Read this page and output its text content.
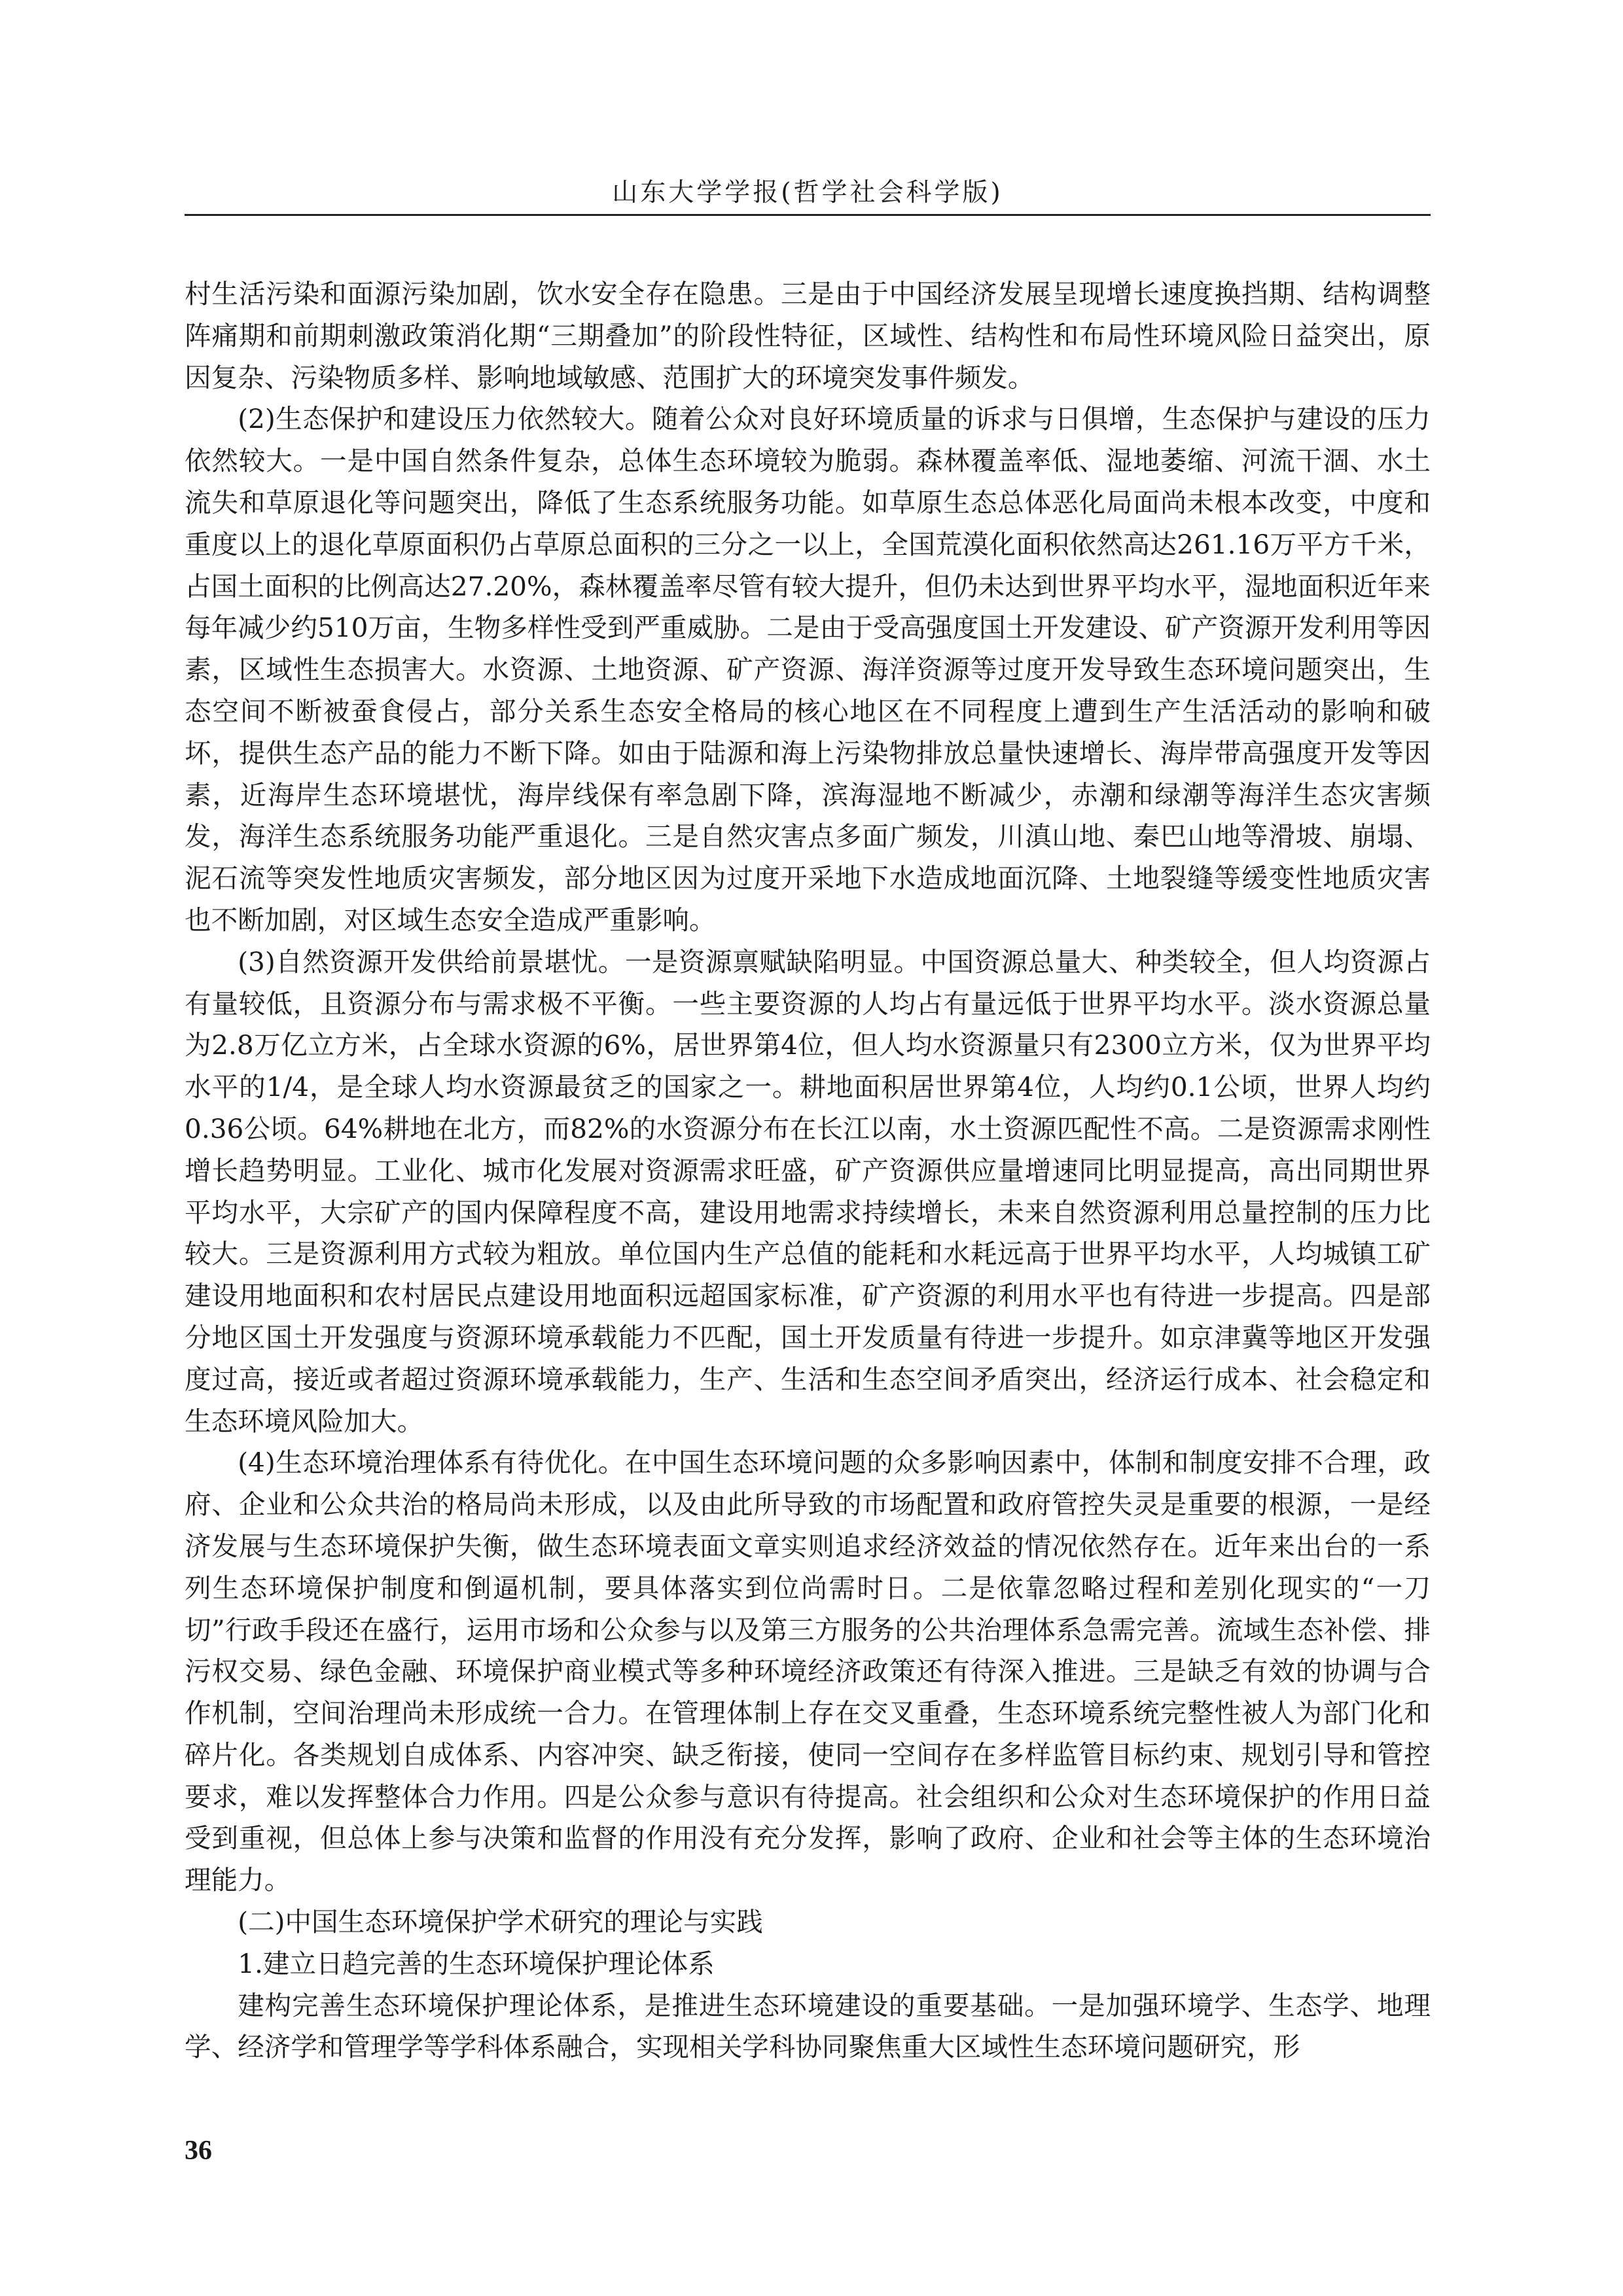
山东大学学报(哲学社会科学版)

村生活污染和面源污染加剧，饮水安全存在隐患。三是由于中国经济发展呈现增长速度换挡期、结构调整阵痛期和前期刺激政策消化期“三期叠加”的阶段性特征，区域性、结构性和布局性环境风险日益突出，原因复杂、污染物质多样、影响地域敏感、范围扩大的环境突发事件频发。

(2)生态保护和建设压力依然较大。随着公众对良好环境质量的诉求与日俱增，生态保护与建设的压力依然较大。一是中国自然条件复杂，总体生态环境较为脆弱。森林覆盖率低、湿地萎缩、河流干涸、水土流失和草原退化等问题突出，降低了生态系统服务功能。如草原生态总体恶化局面尚未根本改变，中度和重度以上的退化草原面积仍占草原总面积的三分之一以上，全国荒漠化面积依然高达261.16万平方千米，占国土面积的比例高达27.20%，森林覆盖率尽管有较大提升，但仍未达到世界平均水平，湿地面积近年来每年减少约510万亩，生物多样性受到严重威胁。二是由于受高强度国土开发建设、矿产资源开发利用等因素，区域性生态损害大。水资源、土地资源、矿产资源、海洋资源等过度开发导致生态环境问题突出，生态空间不断被蚕食侵占，部分关系生态安全格局的核心地区在不同程度上遭到生产生活活动的影响和破坏，提供生态产品的能力不断下降。如由于陆源和海上污染物排放总量快速增长、海岸带高强度开发等因素，近海岸生态环境堪忧，海岸线保有率急剧下降，滨海湿地不断减少，赤潮和绿潮等海洋生态灾害频发，海洋生态系统服务功能严重退化。三是自然灾害点多面广频发，川滇山地、秦巴山地等滑坡、崩塌、泥石流等突发性地质灾害频发，部分地区因为过度开采地下水造成地面沉降、土地裂缝等缓变性地质灾害也不断加剧，对区域生态安全造成严重影响。

(3)自然资源开发供给前景堪忧。一是资源禀赋缺陷明显。中国资源总量大、种类较全，但人均资源占有量较低，且资源分布与需求极不平衡。一些主要资源的人均占有量远低于世界平均水平。淡水资源总量为2.8万亿立方米，占全球水资源的6%，居世界第4位，但人均水资源量只有2300立方米，仅为世界平均水平的1/4，是全球人均水资源最贫乏的国家之一。耕地面积居世界第4位，人均约0.1公顷，世界人均约0.36公顷。64%耕地在北方，而82%的水资源分布在长江以南，水土资源匹配性不高。二是资源需求刚性增长趋势明显。工业化、城市化发展对资源需求旺盛，矿产资源供应量增速同比明显提高，高出同期世界平均水平，大宗矿产的国内保障程度不高，建设用地需求持续增长，未来自然资源利用总量控制的压力比较大。三是资源利用方式较为粗放。单位国内生产总值的能耗和水耗远高于世界平均水平，人均城镇工矿建设用地面积和农村居民点建设用地面积远超国家标准，矿产资源的利用水平也有待进一步提高。四是部分地区国土开发强度与资源环境承载能力不匹配，国土开发质量有待进一步提升。如京津冀等地区开发强度过高，接近或者超过资源环境承载能力，生产、生活和生态空间矛盾突出，经济运行成本、社会稳定和生态环境风险加大。

(4)生态环境治理体系有待优化。在中国生态环境问题的众多影响因素中，体制和制度安排不合理，政府、企业和公众共治的格局尚未形成，以及由此所导致的市场配置和政府管控失灵是重要的根源，一是经济发展与生态环境保护失衡，做生态环境表面文章实则追求经济效益的情况依然存在。近年来出台的一系列生态环境保护制度和倒逼机制，要具体落实到位尚需时日。二是依靠忽略过程和差别化现实的“一刀切”行政手段还在盛行，运用市场和公众参与以及第三方服务的公共治理体系急需完善。流域生态补偿、排污权交易、绿色金融、环境保护商业模式等多种环境经济政策还有待深入推进。三是缺乏有效的协调与合作机制，空间治理尚未形成统一合力。在管理体制上存在交叉重叠，生态环境系统完整性被人为部门化和碎片化。各类规划自成体系、内容冲突、缺乏衔接，使同一空间存在多样监管目标约束、规划引导和管控要求，难以发挥整体合力作用。四是公众参与意识有待提高。社会组织和公众对生态环境保护的作用日益受到重视，但总体上参与决策和监督的作用没有充分发挥，影响了政府、企业和社会等主体的生态环境治理能力。

(二)中国生态环境保护学术研究的理论与实践

1.建立日趋完善的生态环境保护理论体系

建构完善生态环境保护理论体系，是推进生态环境建设的重要基础。一是加强环境学、生态学、地理学、经济学和管理学等学科体系融合，实现相关学科协同聚焦重大区域性生态环境问题研究，形

36
